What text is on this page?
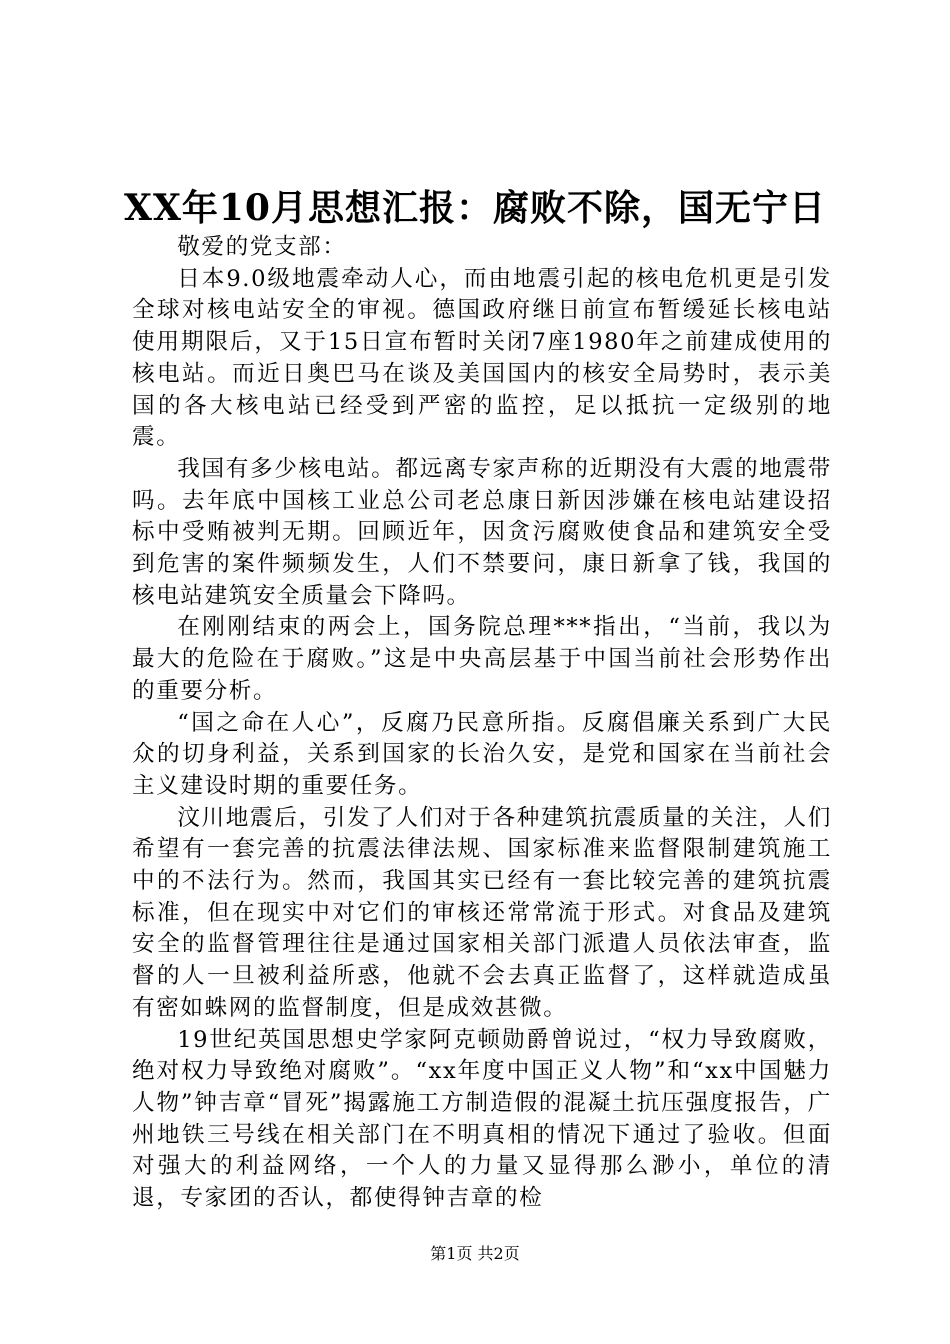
XX年10月思想汇报：腐败不除，国无宁日

敬爱的党支部：

日本9.0级地震牵动人心，而由地震引起的核电危机更是引发全球对核电站安全的审视。德国政府继日前宣布暂缓延长核电站使用期限后，又于15日宣布暂时关闭7座1980年之前建成使用的核电站。而近日奥巴马在谈及美国国内的核安全局势时，表示美国的各大核电站已经受到严密的监控，足以抵抗一定级别的地震。

我国有多少核电站。都远离专家声称的近期没有大震的地震带吗。去年底中国核工业总公司老总康日新因涉嫌在核电站建设招标中受贿被判无期。回顾近年，因贪污腐败使食品和建筑安全受到危害的案件频频发生，人们不禁要问，康日新拿了钱，我国的核电站建筑安全质量会下降吗。

在刚刚结束的两会上，国务院总理***指出，“当前，我以为最大的危险在于腐败。”这是中央高层基于中国当前社会形势作出的重要分析。

“国之命在人心”，反腐乃民意所指。反腐倡廉关系到广大民众的切身利益，关系到国家的长治久安，是党和国家在当前社会主义建设时期的重要任务。

汶川地震后，引发了人们对于各种建筑抗震质量的关注，人们希望有一套完善的抗震法律法规、国家标准来监督限制建筑施工中的不法行为。然而，我国其实已经有一套比较完善的建筑抗震标准，但在现实中对它们的审核还常常流于形式。对食品及建筑安全的监督管理往往是通过国家相关部门派遣人员依法审查，监督的人一旦被利益所惑，他就不会去真正监督了，这样就造成虽有密如蛛网的监督制度，但是成效甚微。

19世纪英国思想史学家阿克顿勋爵曾说过，“权力导致腐败，绝对权力导致绝对腐败”。“xx年度中国正义人物”和“xx中国魅力人物”钟吉章“冒死”揭露施工方制造假的混凝土抗压强度报告，广州地铁三号线在相关部门在不明真相的情况下通过了验收。但面对强大的利益网络，一个人的力量又显得那么渺小，单位的清退，专家团的否认，都使得钟吉章的检

第1页 共2页
